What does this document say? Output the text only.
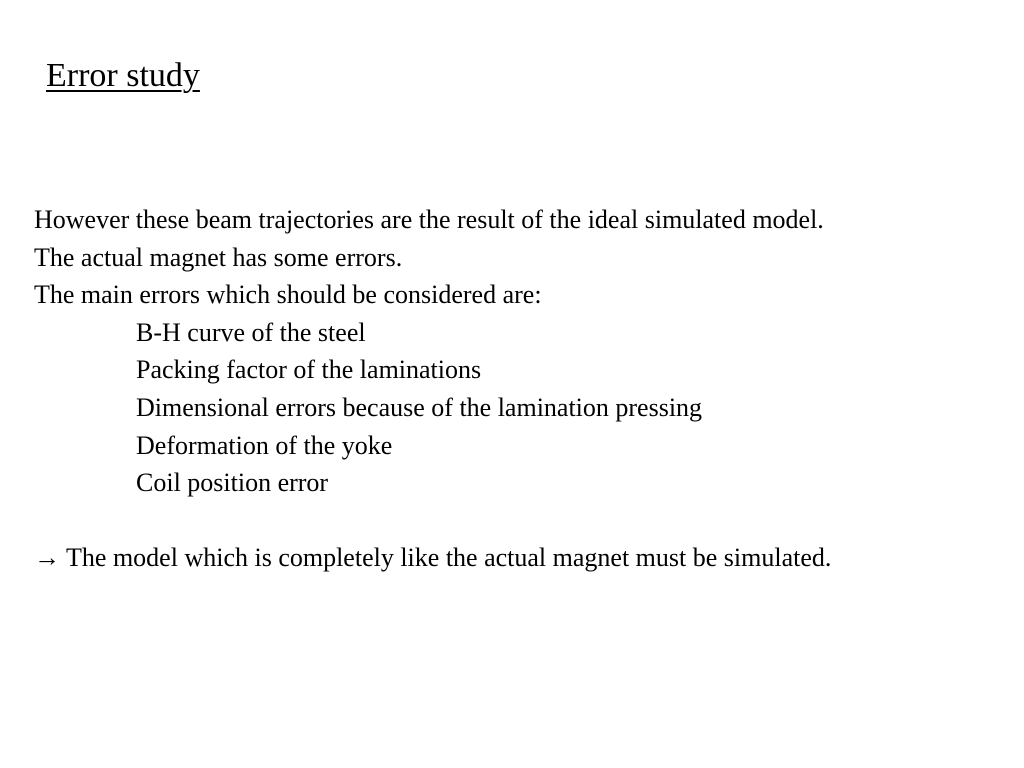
Error study

However these beam trajectories are the result of the ideal simulated model.

The actual magnet has some errors.

The main errors which should be considered are:

B-H curve of the steel

Packing factor of the laminations

Dimensional errors because of the lamination pressing

Deformation of the yoke

Coil position error

→ The model which is completely like the actual magnet must be simulated.
